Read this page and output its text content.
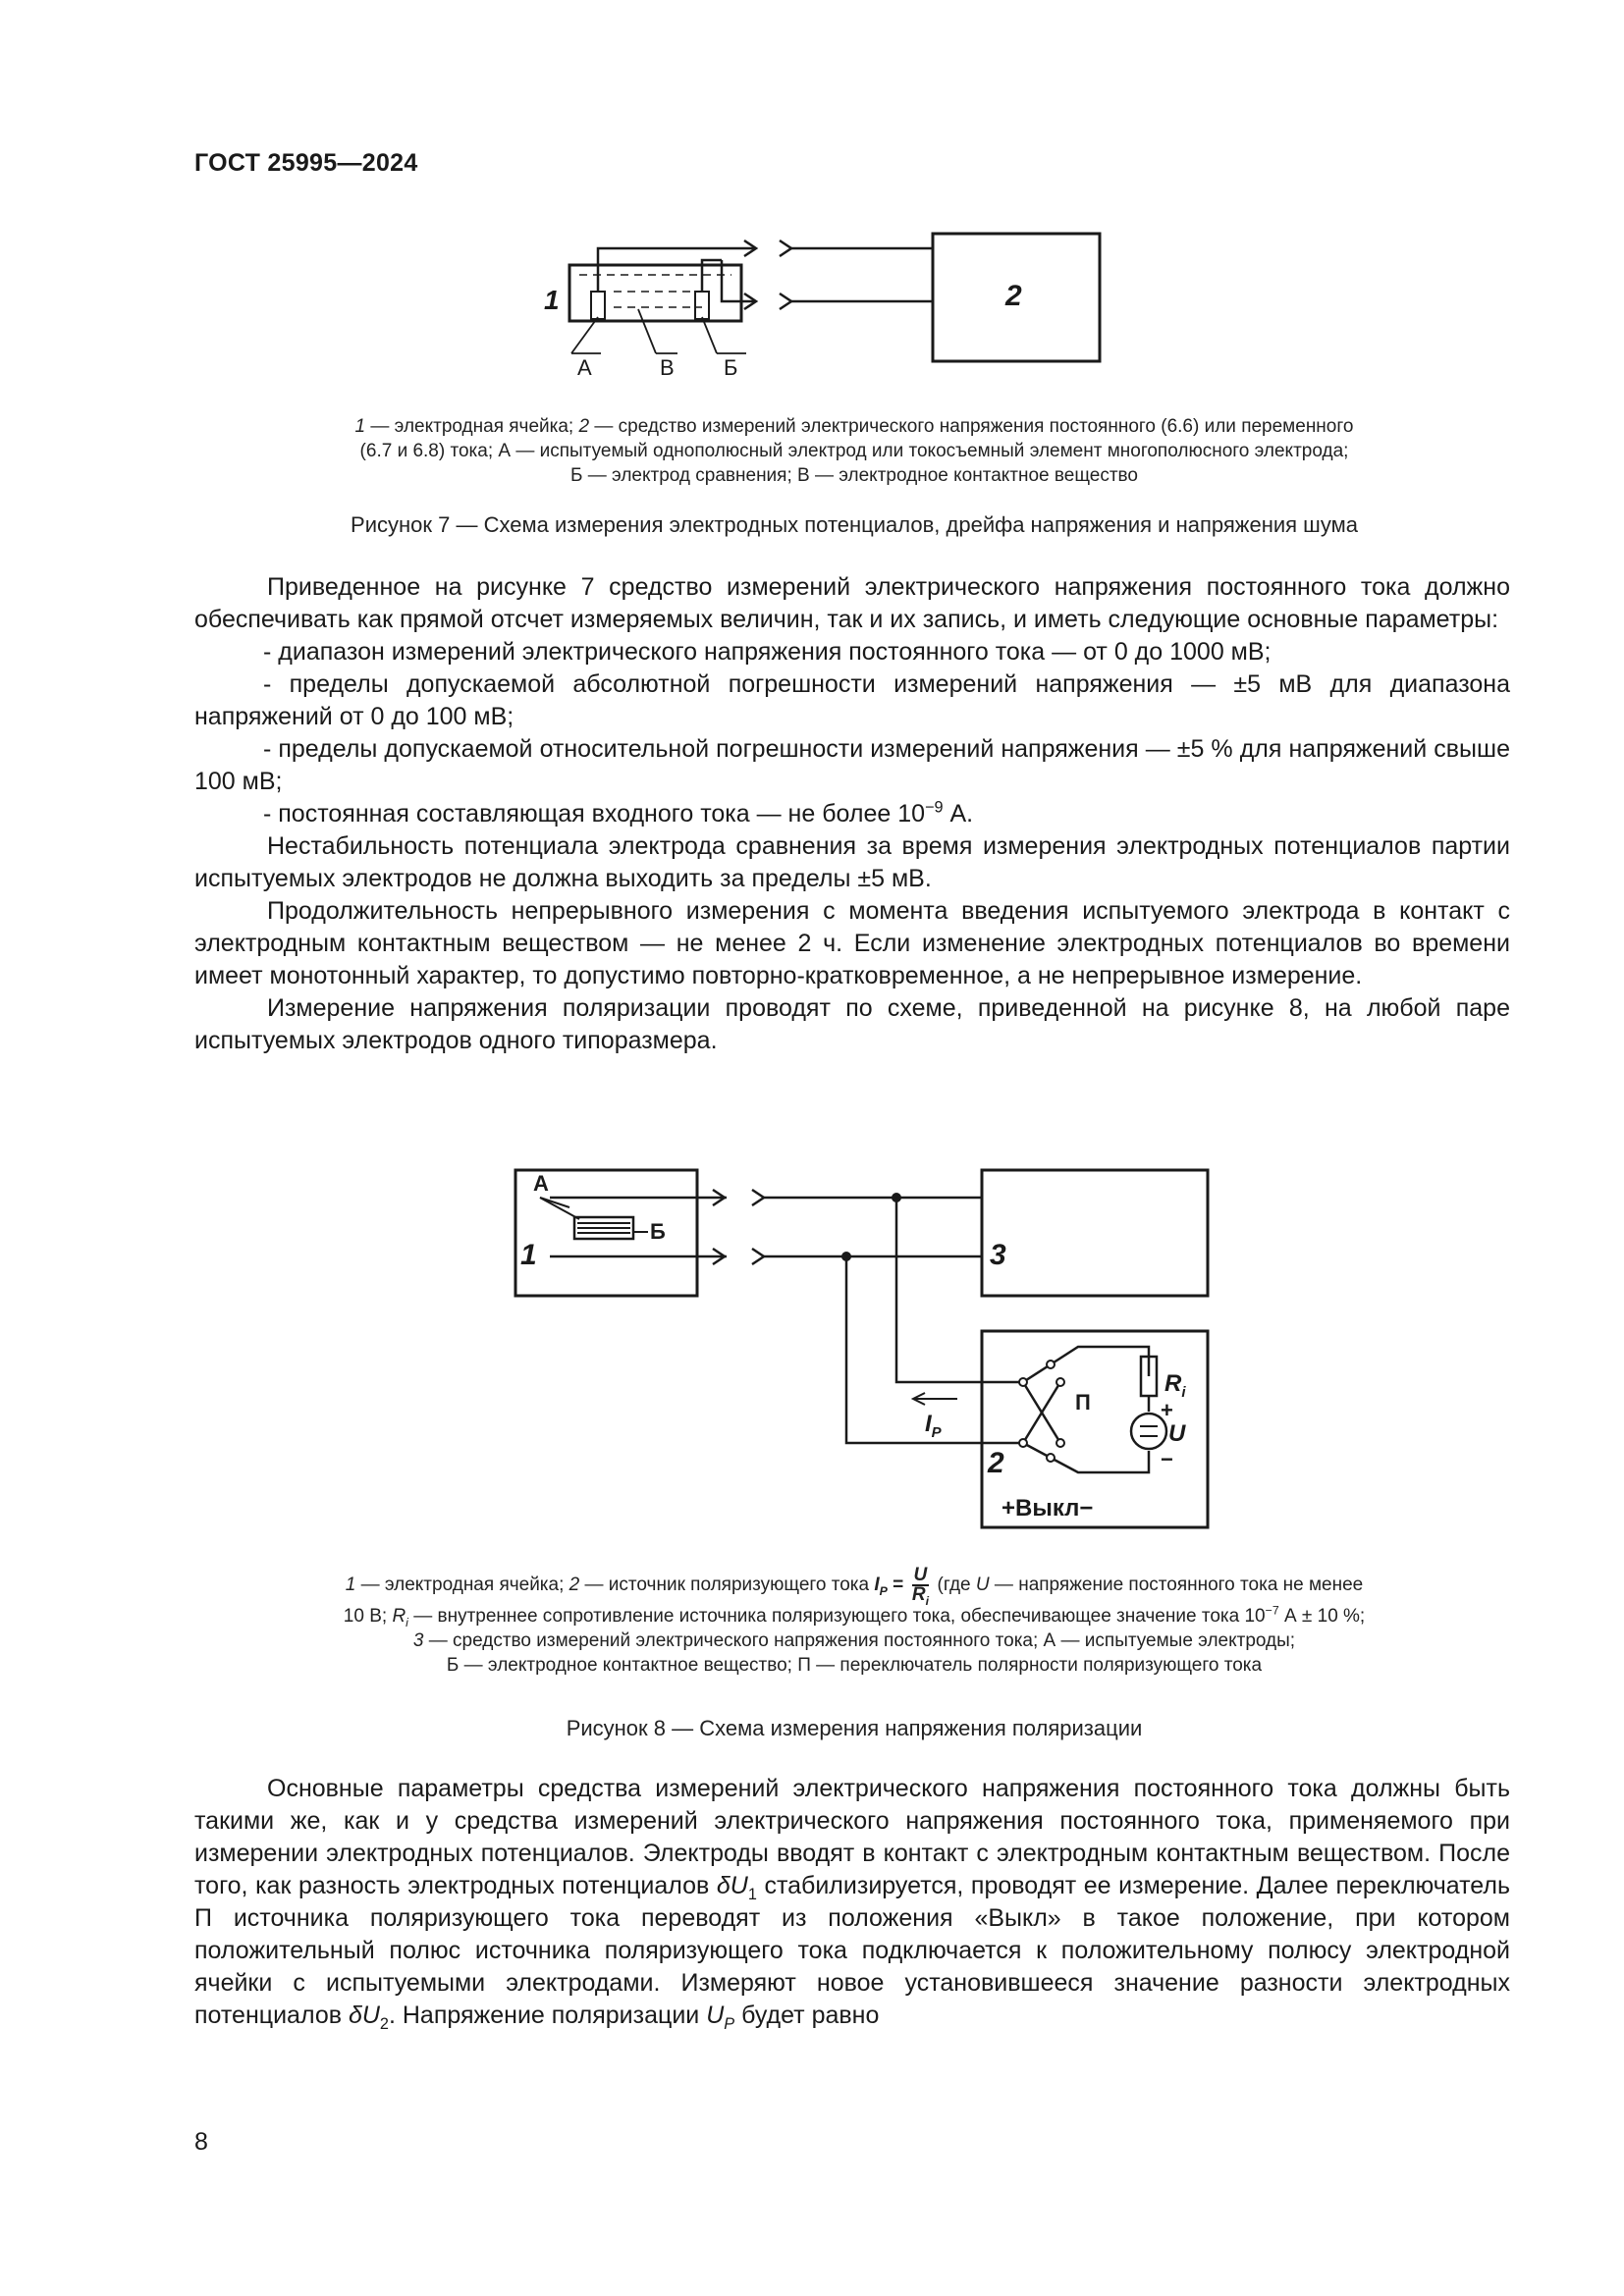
ГОСТ 25995—2024
1	2
А	В Б
1 — электродная ячейка; 2 — средство измерений электрического напряжения постоянного (6.6) или переменного
(6.7 и 6.8) тока; А — испытуемый однополюсный электрод или токосъемный элемент многополюсного электрода;
Б — электрод сравнения; В — электродное контактное вещество
Рисунок 7 — Схема измерения электродных потенциалов, дрейфа напряжения и напряжения шума

Приведенное на рисунке 7 средство измерений электрического напряжения постоянного тока должно обеспечивать как прямой отсчет измеряемых величин, так и их запись, и иметь следующие основные параметры:

- диапазон измерений электрического напряжения постоянного тока — от 0 до 1000 мВ;

- пределы допускаемой абсолютной погрешности измерений напряжения — ±5 мВ для диапазона напряжений от 0 до 100 мВ;

- пределы допускаемой относительной погрешности измерений напряжения — ±5 % для напряжений свыше 100 мВ;

- постоянная составляющая входного тока — не более $10^{-9}$ А.

Нестабильность потенциала электрода сравнения за время измерения электродных потенциалов партии испытуемых электродов не должна выходить за пределы ±5 мВ.

Продолжительность непрерывного измерения с момента введения испытуемого электрода в контакт с электродным контактным веществом — не менее 2 ч. Если изменение электродных потенциалов во времени имеет монотонный характер, то допустимо повторно-кратковременное, а не непрерывное измерение.

Измерение напряжения поляризации проводят по схеме, приведенной на рисунке 8, на любой паре испытуемых электродов одного типоразмера.

А
Б
1	3
2
П
$R_i$
+
U
−
$I_P$
+Выкл−
1 — электродная ячейка; 2 — источник поляризующего тока $I_P = \frac{U}{R_i} (где$ U — напряжение постоянного тока не менее
10 В; $R_i$ — внутреннее сопротивление источника поляризующего тока, обеспечивающее значение тока $10^{-7}$ А ± 10 %;
3 — средство измерений электрического напряжения постоянного тока; А — испытуемые электроды;
Б — электродное контактное вещество; П — переключатель полярности поляризующего тока
Рисунок 8 — Схема измерения напряжения поляризации

Основные параметры средства измерений электрического напряжения постоянного тока должны быть такими же, как и у средства измерений электрического напряжения постоянного тока, применяемого при измерении электродных потенциалов. Электроды вводят в контакт с электродным контактным веществом. После того, как разность электродных потенциалов $\delta U_1$ стабилизируется, проводят ее измерение. Далее переключатель П источника поляризующего тока переводят из положения «Выкл» в такое положение, при котором положительный полюс источника поляризующего тока подключается к положительному полюсу электродной ячейки с испытуемыми электродами. Измеряют новое установившееся значение разности электродных потенциалов $\delta U_2$. Напряжение поляризации $U_P$ будет равно

8
